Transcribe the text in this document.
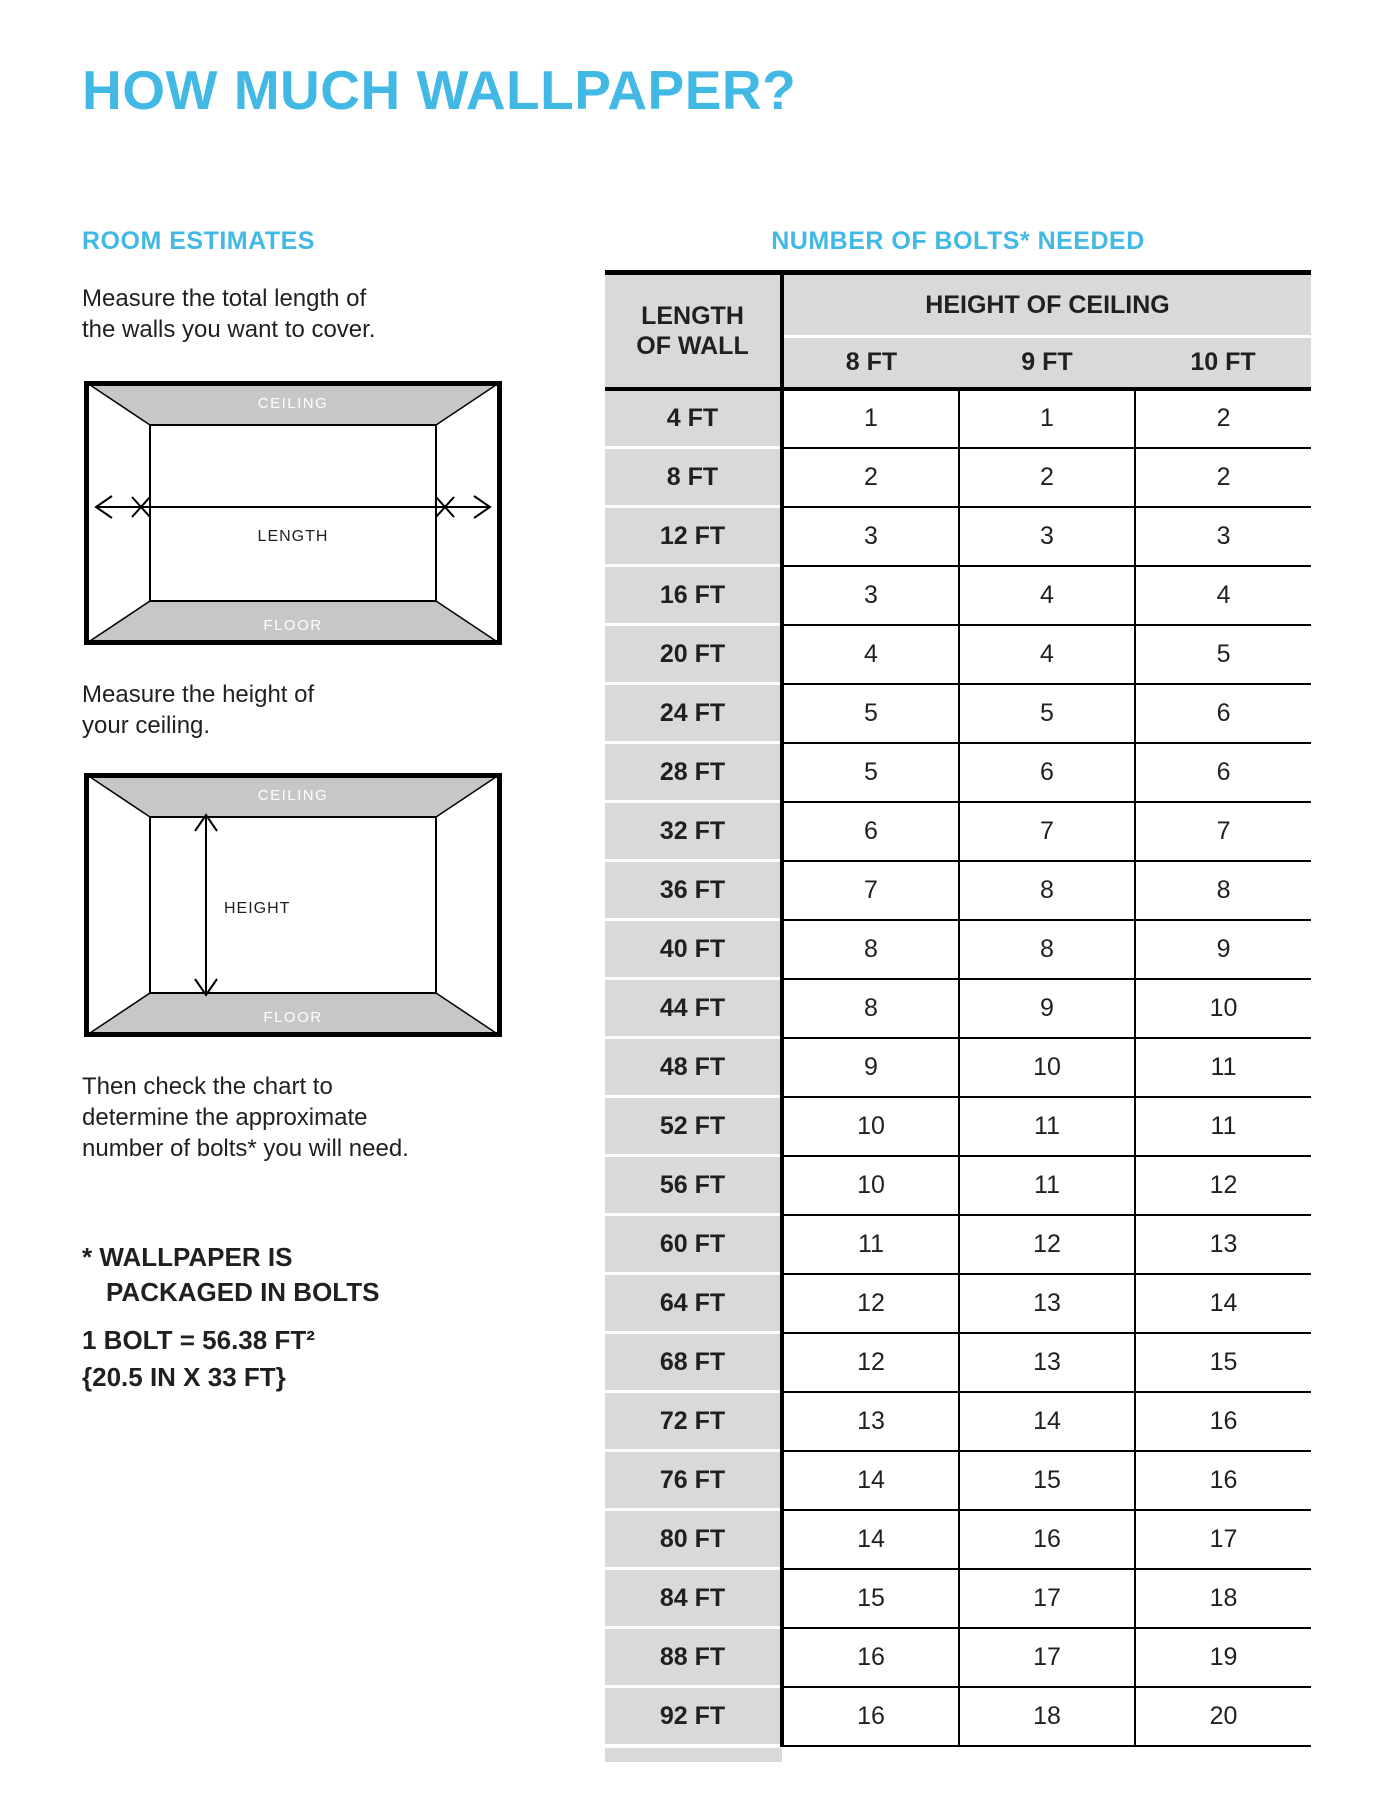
HOW MUCH WALLPAPER?
ROOM ESTIMATES

Measure the total length of
the walls you want to cover.

CEILING
LENGTH
FLOOR

Measure the height of
your ceiling.

CEILING
HEIGHT
FLOOR

Then check the chart to
determine the approximate
number of bolts* you will need.

* WALLPAPER IS
PACKAGED IN BOLTS
1 BOLT = 56.38 FT²
{20.5 IN X 33 FT}
NUMBER OF BOLTS* NEEDED
LENGTH
OF WALL	HEIGHT OF CEILING		
	8 FT	9 FT	10 FT
4 FT	1	1	2
8 FT	2	2	2
12 FT	3	3	3
16 FT	3	4	4
20 FT	4	4	5
24 FT	5	5	6
28 FT	5	6	6
32 FT	6	7	7
36 FT	7	8	8
40 FT	8	8	9
44 FT	8	9	10
48 FT	9	10	11
52 FT	10	11	11
56 FT	10	11	12
60 FT	11	12	13
64 FT	12	13	14
68 FT	12	13	15
72 FT	13	14	16
76 FT	14	15	16
80 FT	14	16	17
84 FT	15	17	18
88 FT	16	17	19
92 FT	16	18	20
